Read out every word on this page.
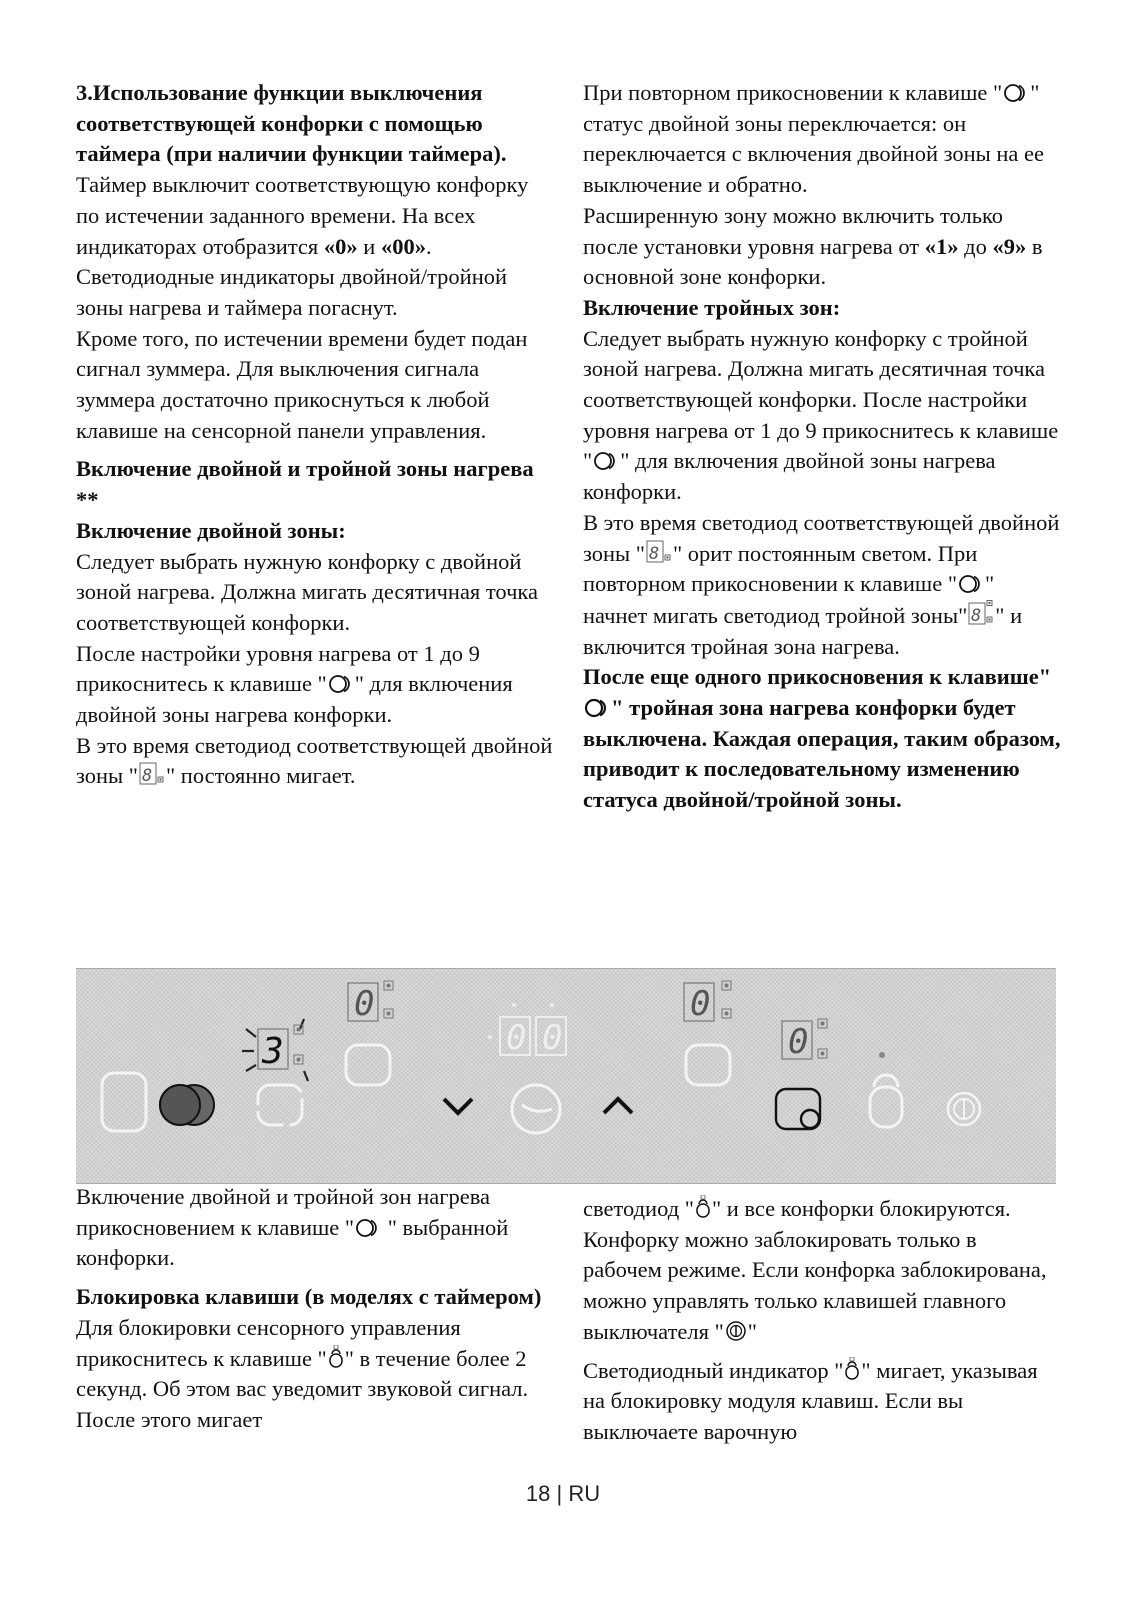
3.Использование функции выключения соответствующей конфорки с помощью таймера (при наличии функции таймера).

Таймер выключит соответствующую конфорку по истечении заданного времени. На всех индикаторах отобразится «0» и «00». Светодиодные индикаторы двойной/тройной зоны нагрева и таймера погаснут.

Кроме того, по истечении времени будет подан сигнал зуммера. Для выключения сигнала зуммера достаточно прикоснуться к любой клавише на сенсорной панели управления.

Включение двойной и тройной зоны нагрева **

Включение двойной зоны:

Следует выбрать нужную конфорку с двойной зоной нагрева. Должна мигать десятичная точка соответствующей конфорки.

После настройки уровня нагрева от 1 до 9 прикоснитесь к клавише " " для включения двойной зоны нагрева конфорки.

В это время светодиод соответствующей двойной зоны " 8 " постоянно мигает.

При повторном прикосновении к клавише " " статус двойной зоны переключается: он переключается с включения двойной зоны на ее выключение и обратно.

Расширенную зону можно включить только после установки уровня нагрева от «1» до «9» в основной зоне конфорки.

Включение тройных зон:

Следует выбрать нужную конфорку с тройной зоной нагрева. Должна мигать десятичная точка соответствующей конфорки. После настройки уровня нагрева от 1 до 9 прикоснитесь к клавише " " для включения двойной зоны нагрева конфорки.

В это время светодиод соответствующей двойной зоны " 8 " орит постоянным светом. При повторном прикосновении к клавише " " начнет мигать светодиод тройной зоны" 8 " и включится тройная зона нагрева.

После еще одного прикосновения к клавише"
" тройная зона нагрева конфорки будет выключена. Каждая операция, таким образом, приводит к последовательному изменению статуса двойной/тройной зоны.

0
3	0 0
0
0

Включение двойной и тройной зон нагрева прикосновением к клавише "
" выбранной конфорки.

Блокировка клавиши (в моделях с таймером)

Для блокировки сенсорного управления прикоснитесь к клавише " " в течение более 2 секунд. Об этом вас уведомит звуковой сигнал. После этого мигает

светодиод " " и все конфорки блокируются.

Конфорку можно заблокировать только в рабочем режиме. Если конфорка заблокирована, можно управлять только клавишей главного выключателя " "

Светодиодный индикатор " " мигает, указывая на блокировку модуля клавиш. Если вы выключаете варочную

18 | RU
